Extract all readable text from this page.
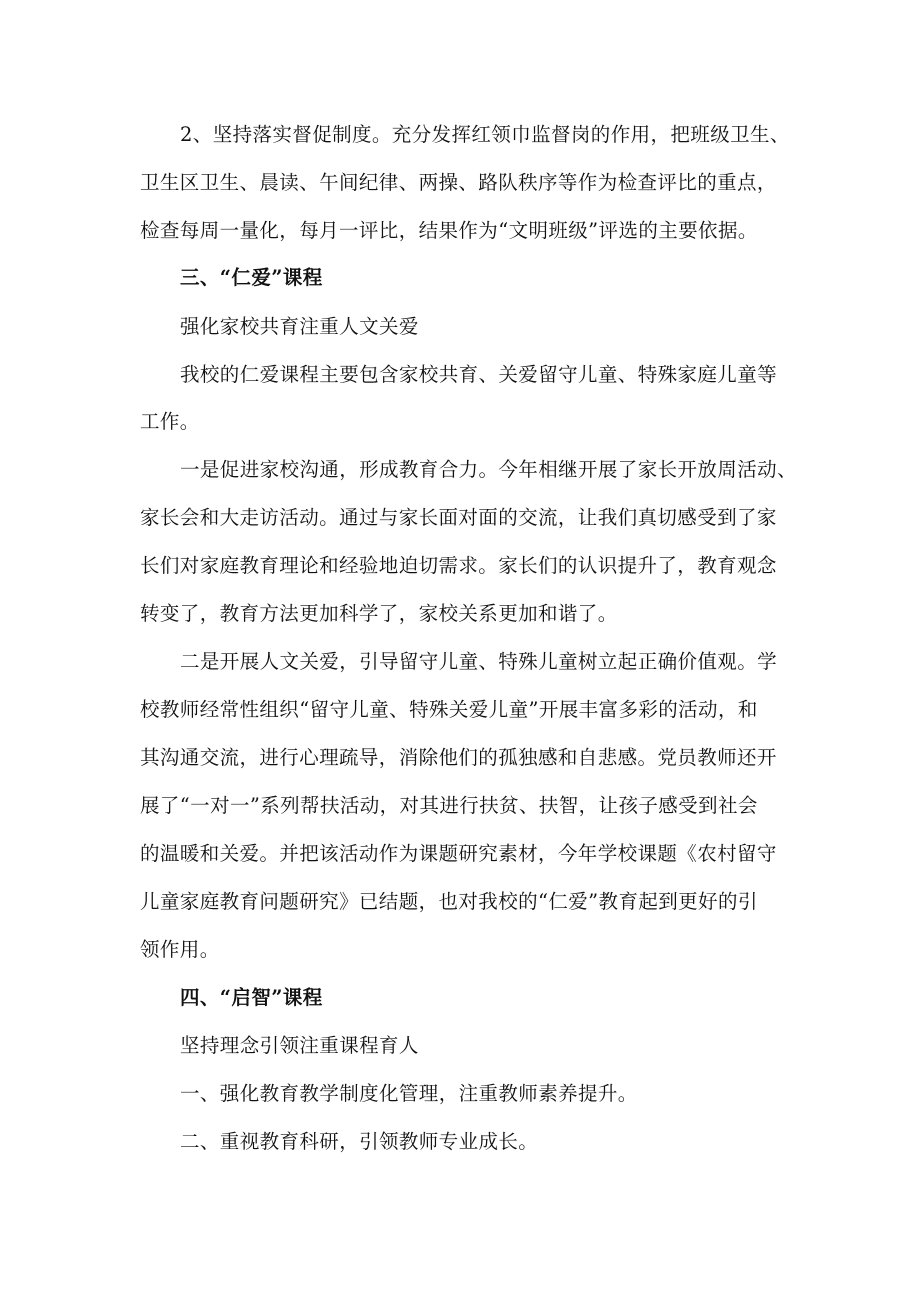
2、坚持落实督促制度。充分发挥红领巾监督岗的作用，把班级卫生、
卫生区卫生、晨读、午间纪律、两操、路队秩序等作为检查评比的重点，
检查每周一量化，每月一评比，结果作为“文明班级”评选的主要依据。
三、“仁爱”课程
强化家校共育注重人文关爱
我校的仁爱课程主要包含家校共育、关爱留守儿童、特殊家庭儿童等
工作。
一是促进家校沟通，形成教育合力。今年相继开展了家长开放周活动、
家长会和大走访活动。通过与家长面对面的交流，让我们真切感受到了家
长们对家庭教育理论和经验地迫切需求。家长们的认识提升了，教育观念
转变了，教育方法更加科学了，家校关系更加和谐了。
二是开展人文关爱，引导留守儿童、特殊儿童树立起正确价值观。学
校教师经常性组织“留守儿童、特殊关爱儿童”开展丰富多彩的活动，和
其沟通交流，进行心理疏导，消除他们的孤独感和自悲感。党员教师还开
展了“一对一”系列帮扶活动，对其进行扶贫、扶智，让孩子感受到社会
的温暖和关爱。并把该活动作为课题研究素材，今年学校课题《农村留守
儿童家庭教育问题研究》已结题，也对我校的“仁爱”教育起到更好的引
领作用。
四、“启智”课程
坚持理念引领注重课程育人
一、强化教育教学制度化管理，注重教师素养提升。
二、重视教育科研，引领教师专业成长。
